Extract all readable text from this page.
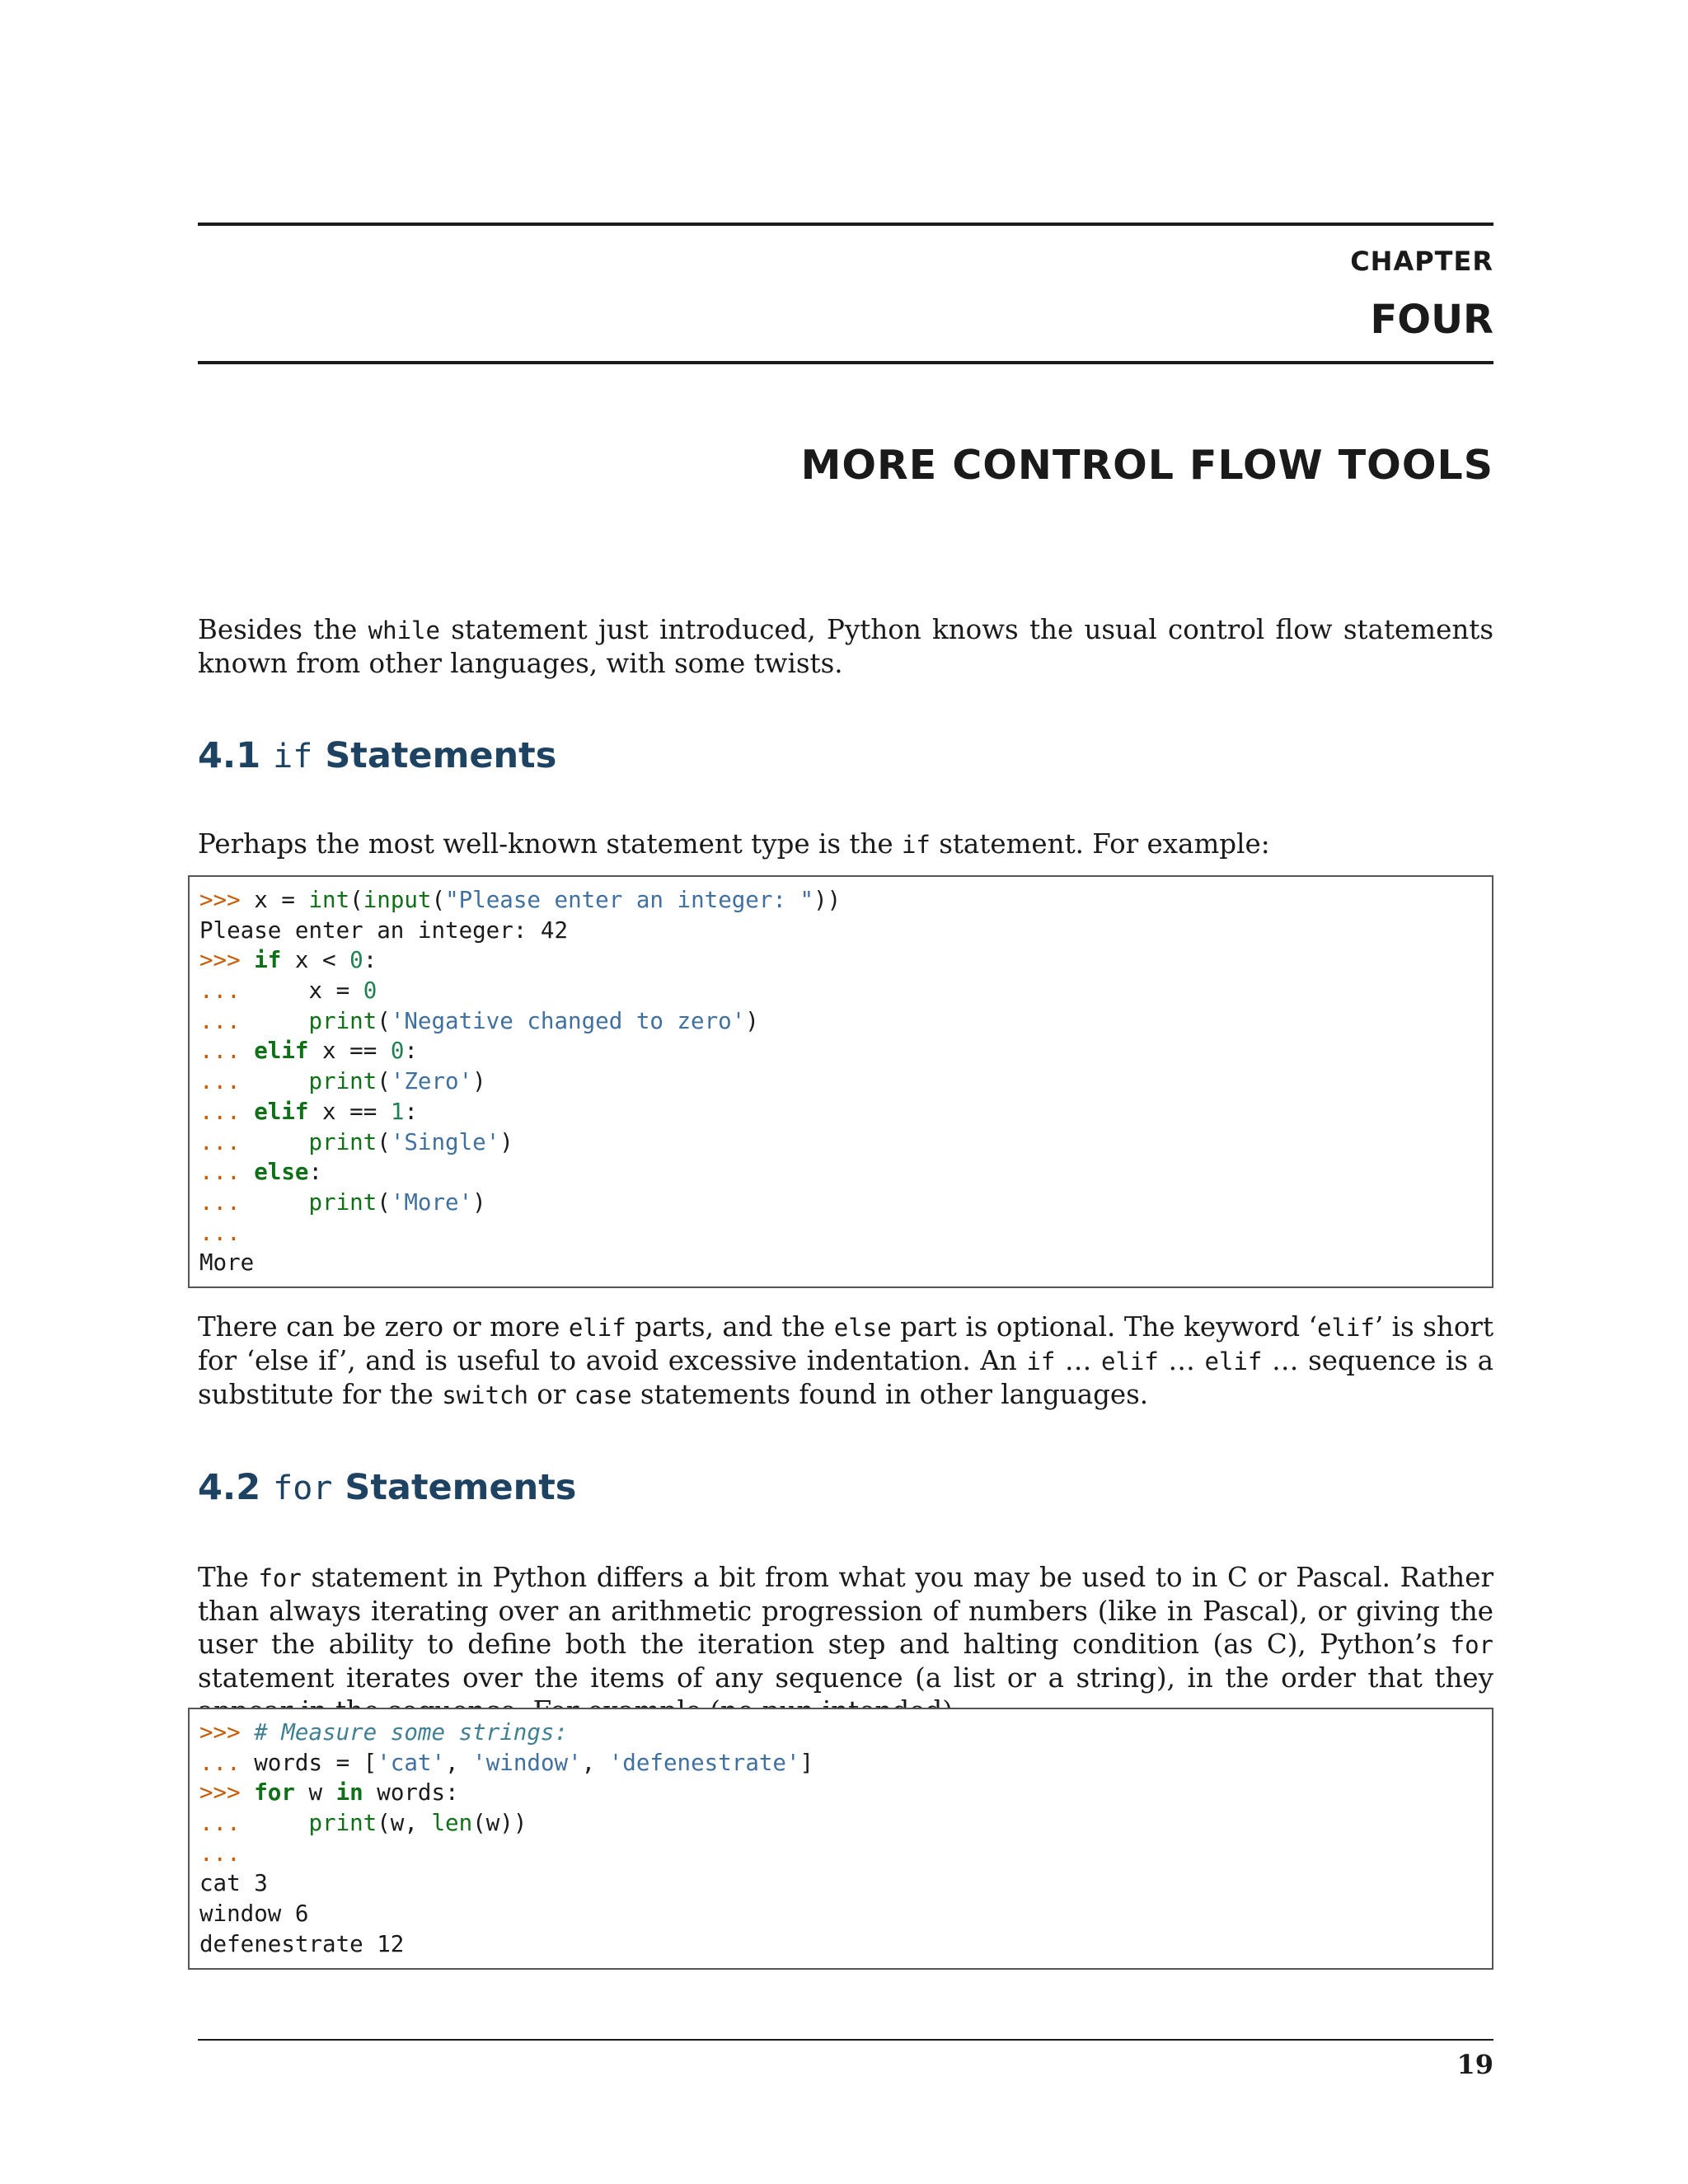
CHAPTER
FOUR
MORE CONTROL FLOW TOOLS

Besides the while statement just introduced, Python knows the usual control flow statements known from other languages, with some twists.

4.1 if Statements

Perhaps the most well-known statement type is the if statement. For example:

>>> x = int(input("Please enter an integer: "))
Please enter an integer: 42
>>> if x < 0:
...     x = 0
...     print('Negative changed to zero')
... elif x == 0:
...     print('Zero')
... elif x == 1:
...     print('Single')
... else:
...     print('More')
...
More

There can be zero or more elif parts, and the else part is optional. The keyword ‘elif’ is short for ‘else if’, and is useful to avoid excessive indentation. An if … elif … elif … sequence is a substitute for the switch or case statements found in other languages.

4.2 for Statements

The for statement in Python differs a bit from what you may be used to in C or Pascal. Rather than always iterating over an arithmetic progression of numbers (like in Pascal), or giving the user the ability to define both the iteration step and halting condition (as C), Python’s for statement iterates over the items of any sequence (a list or a string), in the order that they

>>> # Measure some strings:
... words = ['cat', 'window', 'defenestrate']
>>> for w in words:
...     print(w, len(w))
...
cat 3
window 6
defenestrate 12
19
